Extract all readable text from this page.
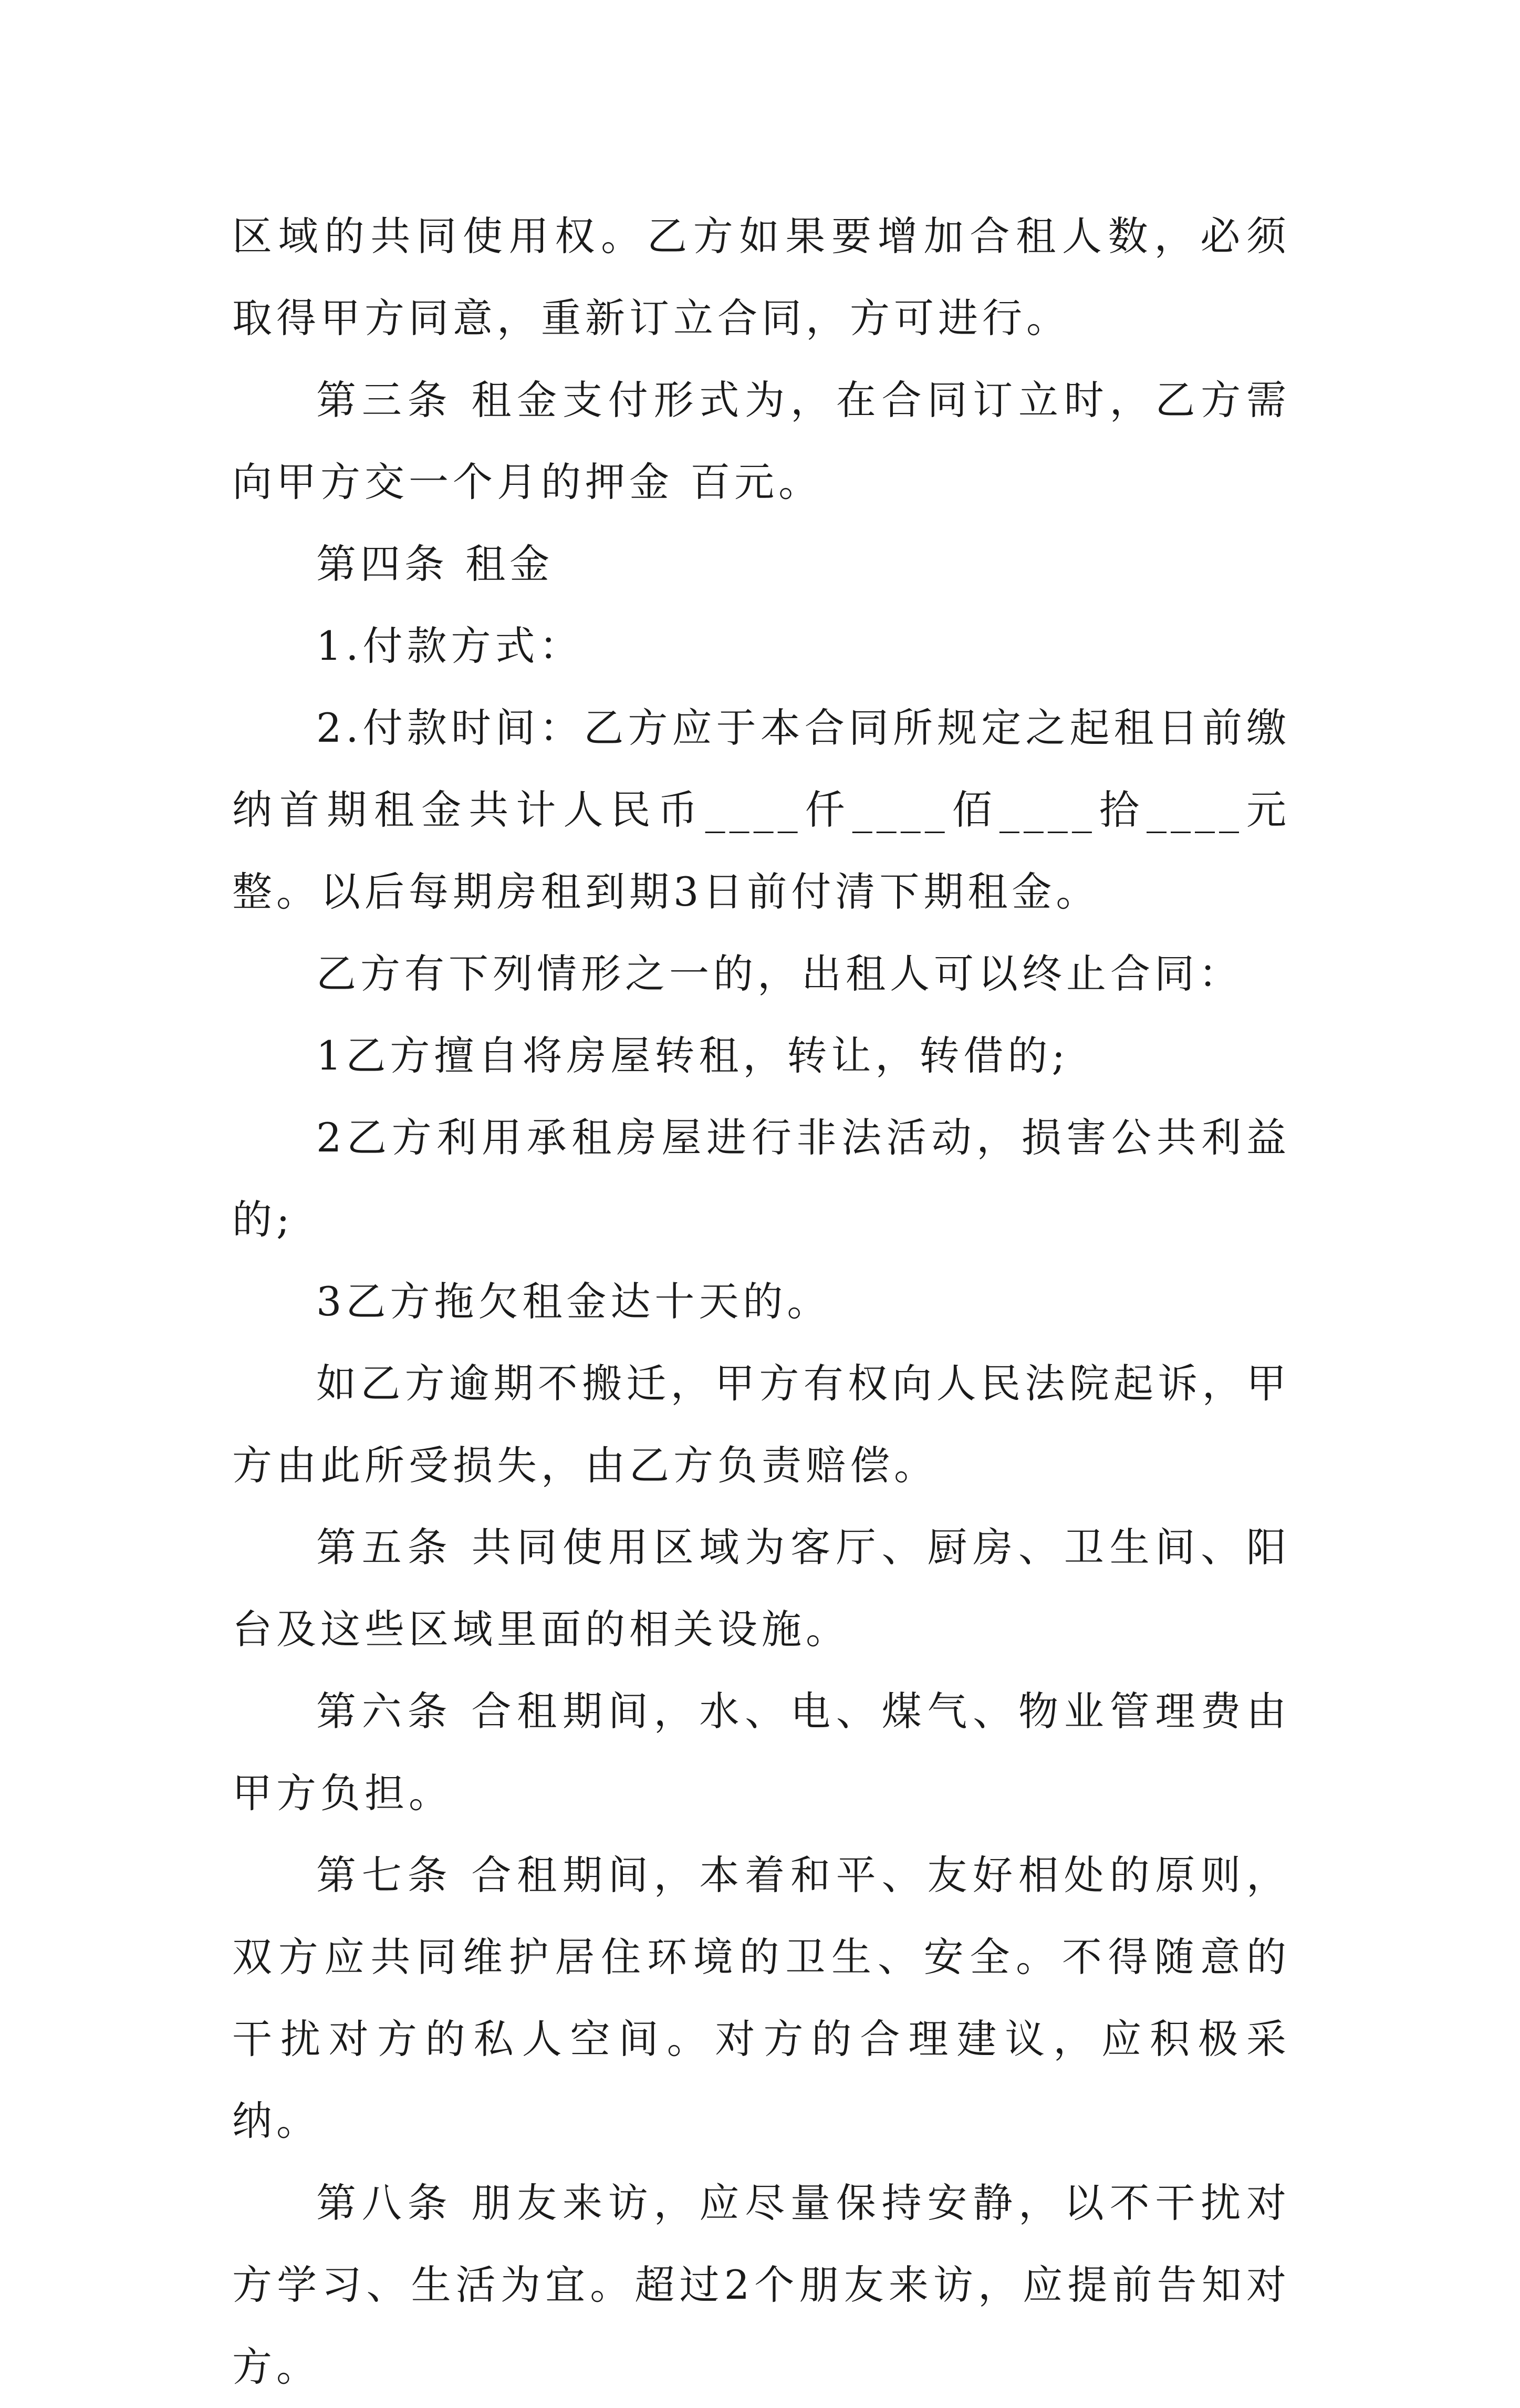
区域的共同使用权。乙方如果要增加合租人数，必须取得甲方同意，重新订立合同，方可进行。

第三条 租金支付形式为，在合同订立时，乙方需向甲方交一个月的押金 百元。

第四条 租金

1.付款方式：

2.付款时间：乙方应于本合同所规定之起租日前缴纳首期租金共计人民币____仟____佰____拾____元整。以后每期房租到期3日前付清下期租金。

乙方有下列情形之一的，出租人可以终止合同：

1乙方擅自将房屋转租，转让，转借的;

2乙方利用承租房屋进行非法活动，损害公共利益的;

3乙方拖欠租金达十天的。

如乙方逾期不搬迁，甲方有权向人民法院起诉，甲方由此所受损失，由乙方负责赔偿。

第五条 共同使用区域为客厅、厨房、卫生间、阳台及这些区域里面的相关设施。

第六条 合租期间，水、电、煤气、物业管理费由甲方负担。

第七条 合租期间，本着和平、友好相处的原则，双方应共同维护居住环境的卫生、安全。不得随意的干扰对方的私人空间。对方的合理建议，应积极采纳。

第八条 朋友来访，应尽量保持安静，以不干扰对方学习、生活为宜。超过2个朋友来访，应提前告知对方。
